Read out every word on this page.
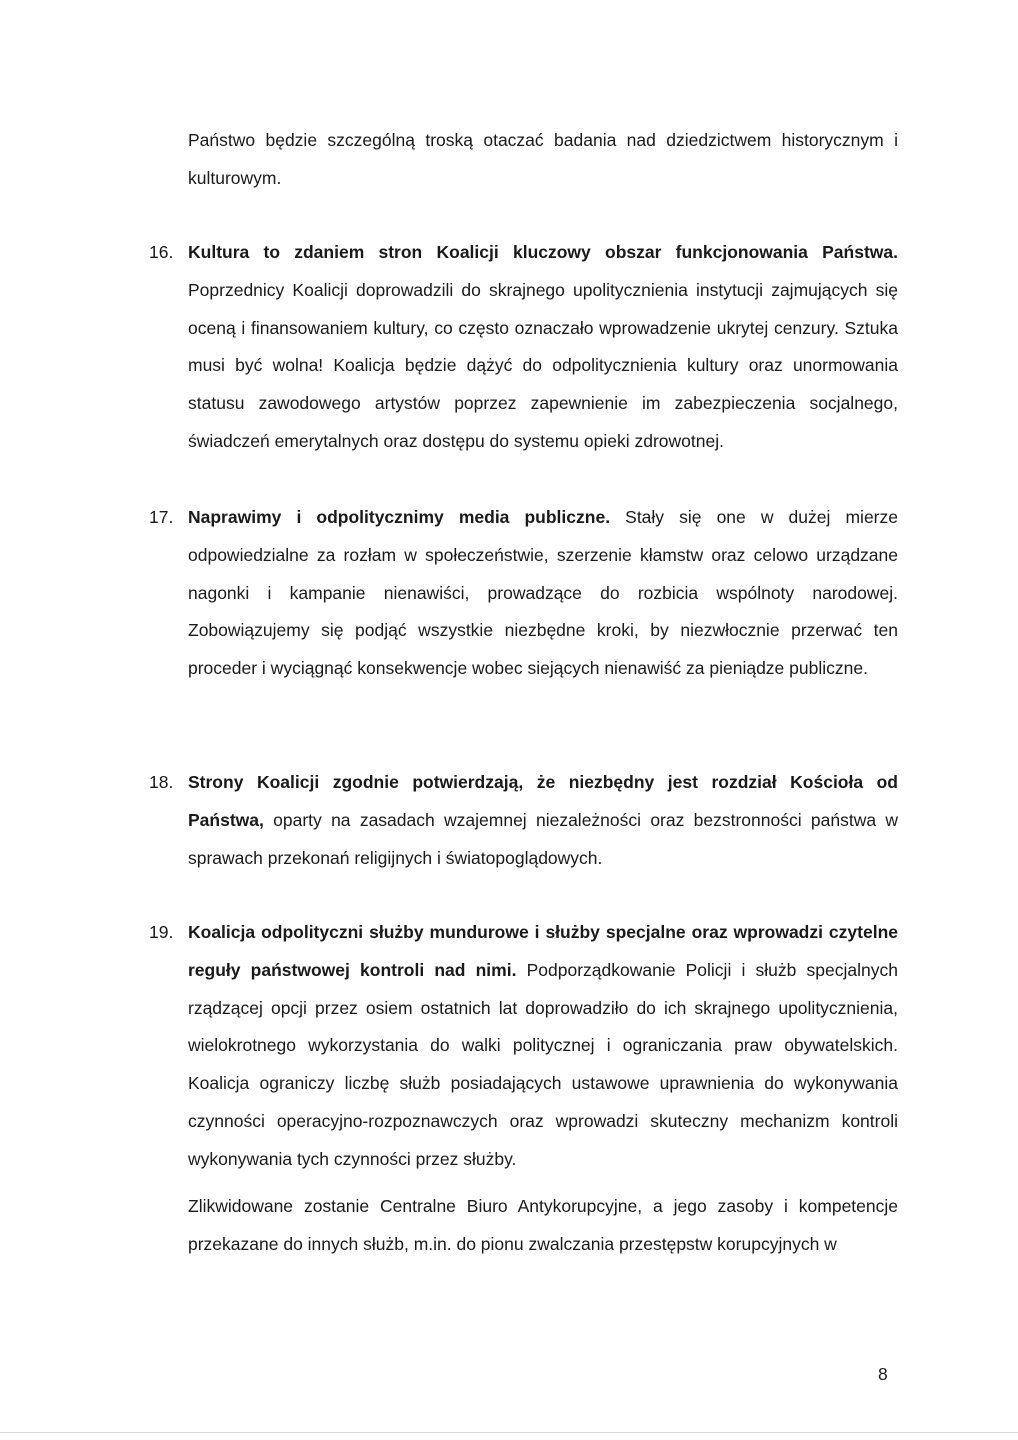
Państwo będzie szczególną troską otaczać badania nad dziedzictwem historycznym i kulturowym.
16. Kultura to zdaniem stron Koalicji kluczowy obszar funkcjonowania Państwa. Poprzednicy Koalicji doprowadzili do skrajnego upolitycznienia instytucji zajmujących się oceną i finansowaniem kultury, co często oznaczało wprowadzenie ukrytej cenzury. Sztuka musi być wolna! Koalicja będzie dążyć do odpolitycznienia kultury oraz unormowania statusu zawodowego artystów poprzez zapewnienie im zabezpieczenia socjalnego, świadczeń emerytalnych oraz dostępu do systemu opieki zdrowotnej.
17. Naprawimy i odpolitycznimy media publiczne. Stały się one w dużej mierze odpowiedzialne za rozłam w społeczeństwie, szerzenie kłamstw oraz celowo urządzane nagonki i kampanie nienawiści, prowadzące do rozbicia wspólnoty narodowej. Zobowiązujemy się podjąć wszystkie niezbędne kroki, by niezwłocznie przerwać ten proceder i wyciągnąć konsekwencje wobec siejących nienawiść za pieniądze publiczne.
18. Strony Koalicji zgodnie potwierdzają, że niezbędny jest rozdział Kościoła od Państwa, oparty na zasadach wzajemnej niezależności oraz bezstronności państwa w sprawach przekonań religijnych i światopoglądowych.
19. Koalicja odpolityczni służby mundurowe i służby specjalne oraz wprowadzi czytelne reguły państwowej kontroli nad nimi. Podporządkowanie Policji i służb specjalnych rządzącej opcji przez osiem ostatnich lat doprowadziło do ich skrajnego upolitycznienia, wielokrotnego wykorzystania do walki politycznej i ograniczania praw obywatelskich. Koalicja ograniczy liczbę służb posiadających ustawowe uprawnienia do wykonywania czynności operacyjno-rozpoznawczych oraz wprowadzi skuteczny mechanizm kontroli wykonywania tych czynności przez służby.
Zlikwidowane zostanie Centralne Biuro Antykorupcyjne, a jego zasoby i kompetencje przekazane do innych służb, m.in. do pionu zwalczania przestępstw korupcyjnych w
8
